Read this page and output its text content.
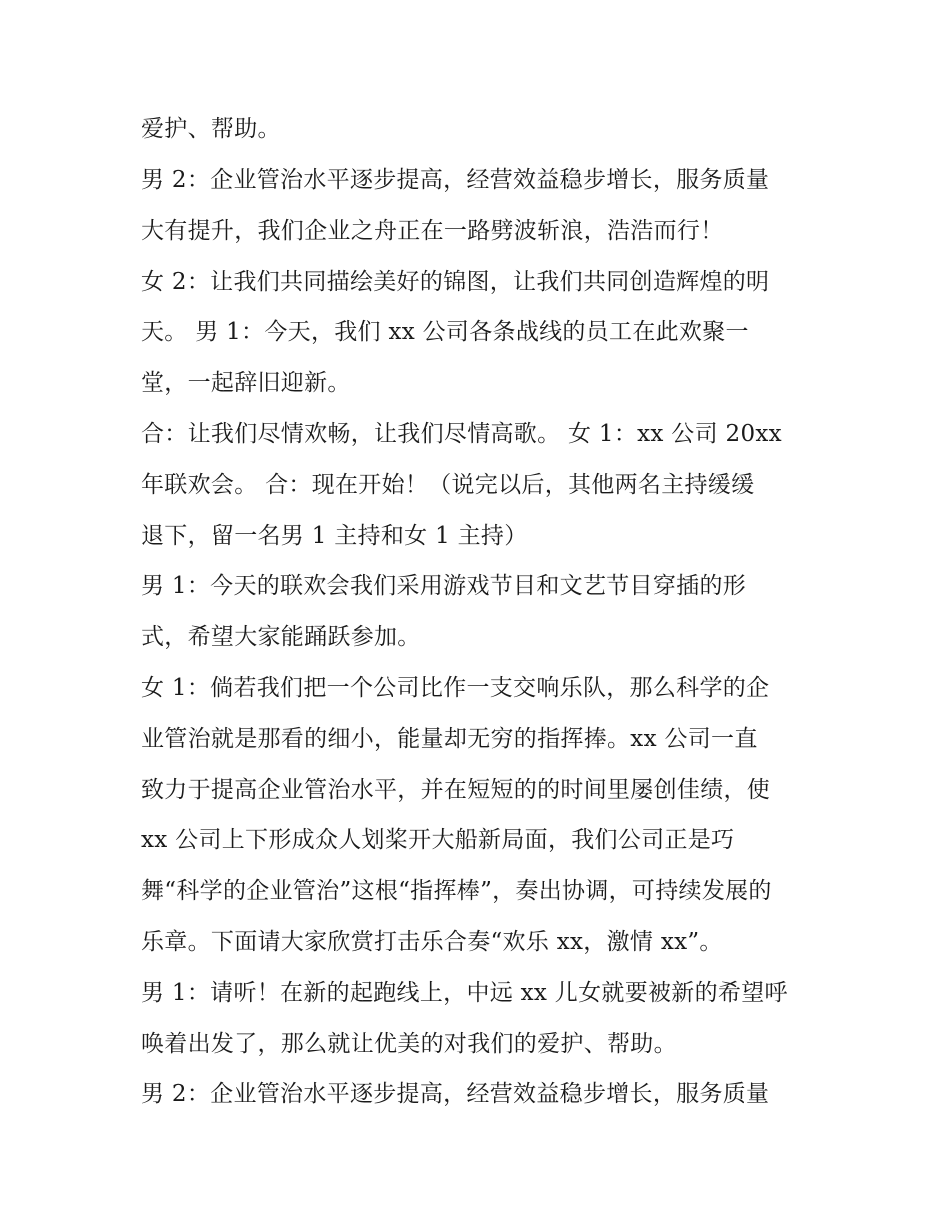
爱护、帮助。
男 2：企业管治水平逐步提高，经营效益稳步增长，服务质量
大有提升，我们企业之舟正在一路劈波斩浪，浩浩而行！
女 2：让我们共同描绘美好的锦图，让我们共同创造辉煌的明
天。 男 1：今天，我们 xx 公司各条战线的员工在此欢聚一
堂，一起辞旧迎新。
合：让我们尽情欢畅，让我们尽情高歌。 女 1：xx 公司 20xx
年联欢会。 合：现在开始！（说完以后，其他两名主持缓缓
退下，留一名男 1 主持和女 1 主持）
男 1：今天的联欢会我们采用游戏节目和文艺节目穿插的形
式，希望大家能踊跃参加。
女 1：倘若我们把一个公司比作一支交响乐队，那么科学的企
业管治就是那看的细小，能量却无穷的指挥捧。xx 公司一直
致力于提高企业管治水平，并在短短的的时间里屡创佳绩，使
xx 公司上下形成众人划桨开大船新局面，我们公司正是巧
舞“科学的企业管治”这根“指挥棒”，奏出协调，可持续发展的
乐章。下面请大家欣赏打击乐合奏“欢乐 xx，激情 xx”。
男 1：请听！在新的起跑线上，中远 xx 儿女就要被新的希望呼
唤着出发了，那么就让优美的对我们的爱护、帮助。
男 2：企业管治水平逐步提高，经营效益稳步增长，服务质量
